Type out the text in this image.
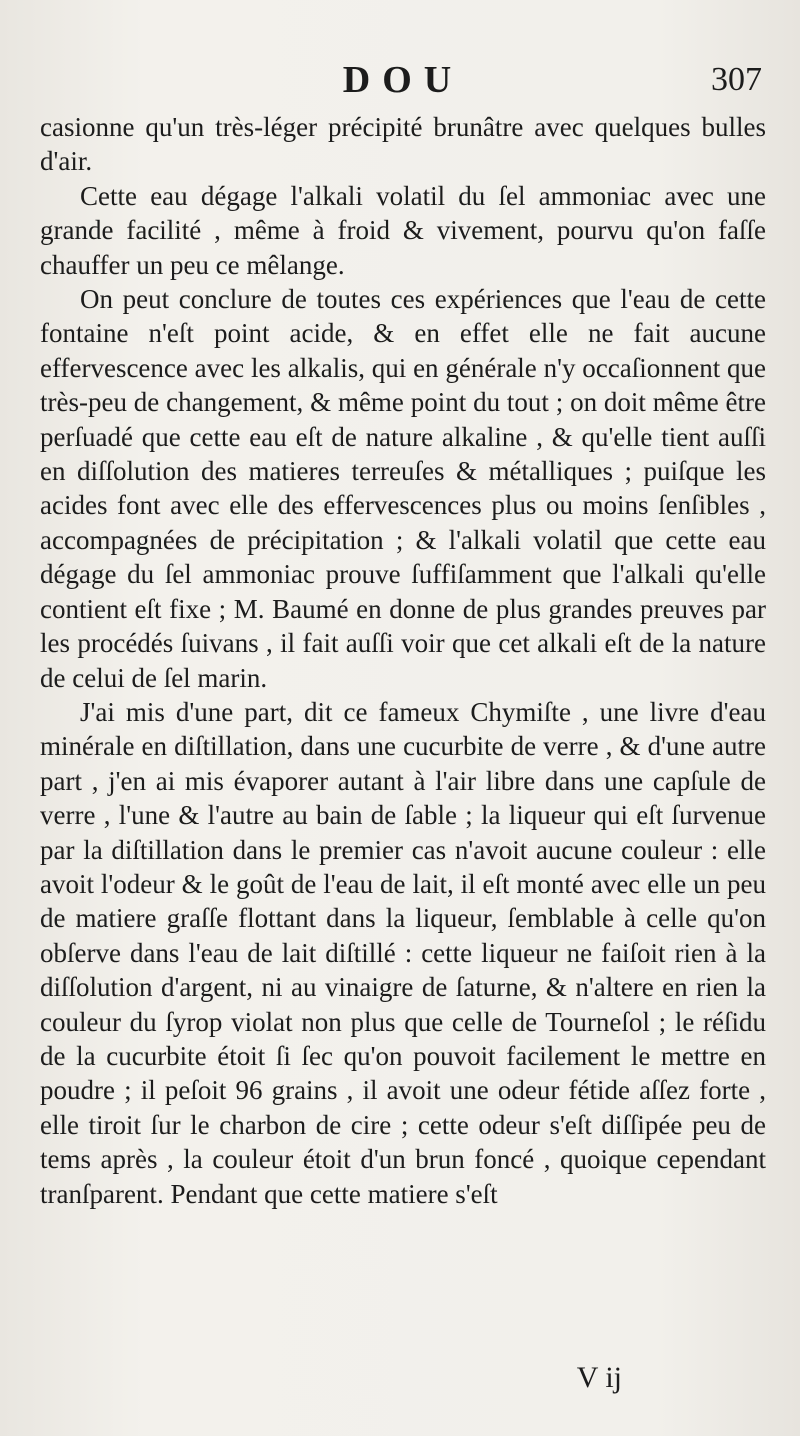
DOU	307

casionne qu'un très-léger précipité brunâtre avec quelques bulles d'air.

Cette eau dégage l'alkali volatil du ſel ammoniac avec une grande facilité , même à froid & vivement, pourvu qu'on faſſe chauffer un peu ce mêlange.

On peut conclure de toutes ces expériences que l'eau de cette fontaine n'eſt point acide, & en effet elle ne fait aucune effervescence avec les alkalis, qui en générale n'y occaſionnent que très-peu de changement, & même point du tout ; on doit même être perſuadé que cette eau eſt de nature alkaline , & qu'elle tient auſſi en diſſolution des matieres terreuſes & métalliques ; puiſque les acides font avec elle des effervescences plus ou moins ſenſibles , accompagnées de précipitation ; & l'alkali volatil que cette eau dégage du ſel ammoniac prouve ſuffiſamment que l'alkali qu'elle contient eſt fixe ; M. Baumé en donne de plus grandes preuves par les procédés ſuivans , il fait auſſi voir que cet alkali eſt de la nature de celui de ſel marin.

J'ai mis d'une part, dit ce fameux Chymiſte , une livre d'eau minérale en diſtillation, dans une cucurbite de verre , & d'une autre part , j'en ai mis évaporer autant à l'air libre dans une capſule de verre , l'une & l'autre au bain de ſable ; la liqueur qui eſt ſurvenue par la diſtillation dans le premier cas n'avoit aucune couleur : elle avoit l'odeur & le goût de l'eau de lait, il eſt monté avec elle un peu de matiere graſſe flottant dans la liqueur, ſemblable à celle qu'on obſerve dans l'eau de lait diſtillé : cette liqueur ne faiſoit rien à la diſſolution d'argent, ni au vinaigre de ſaturne, & n'altere en rien la couleur du ſyrop violat non plus que celle de Tourneſol ; le réſidu de la cucurbite étoit ſi ſec qu'on pouvoit facilement le mettre en poudre ; il peſoit 96 grains , il avoit une odeur fétide aſſez forte , elle tiroit ſur le charbon de cire ; cette odeur s'eſt diſſipée peu de tems après , la couleur étoit d'un brun foncé , quoique cependant tranſparent. Pendant que cette matiere s'eſt

V ij
